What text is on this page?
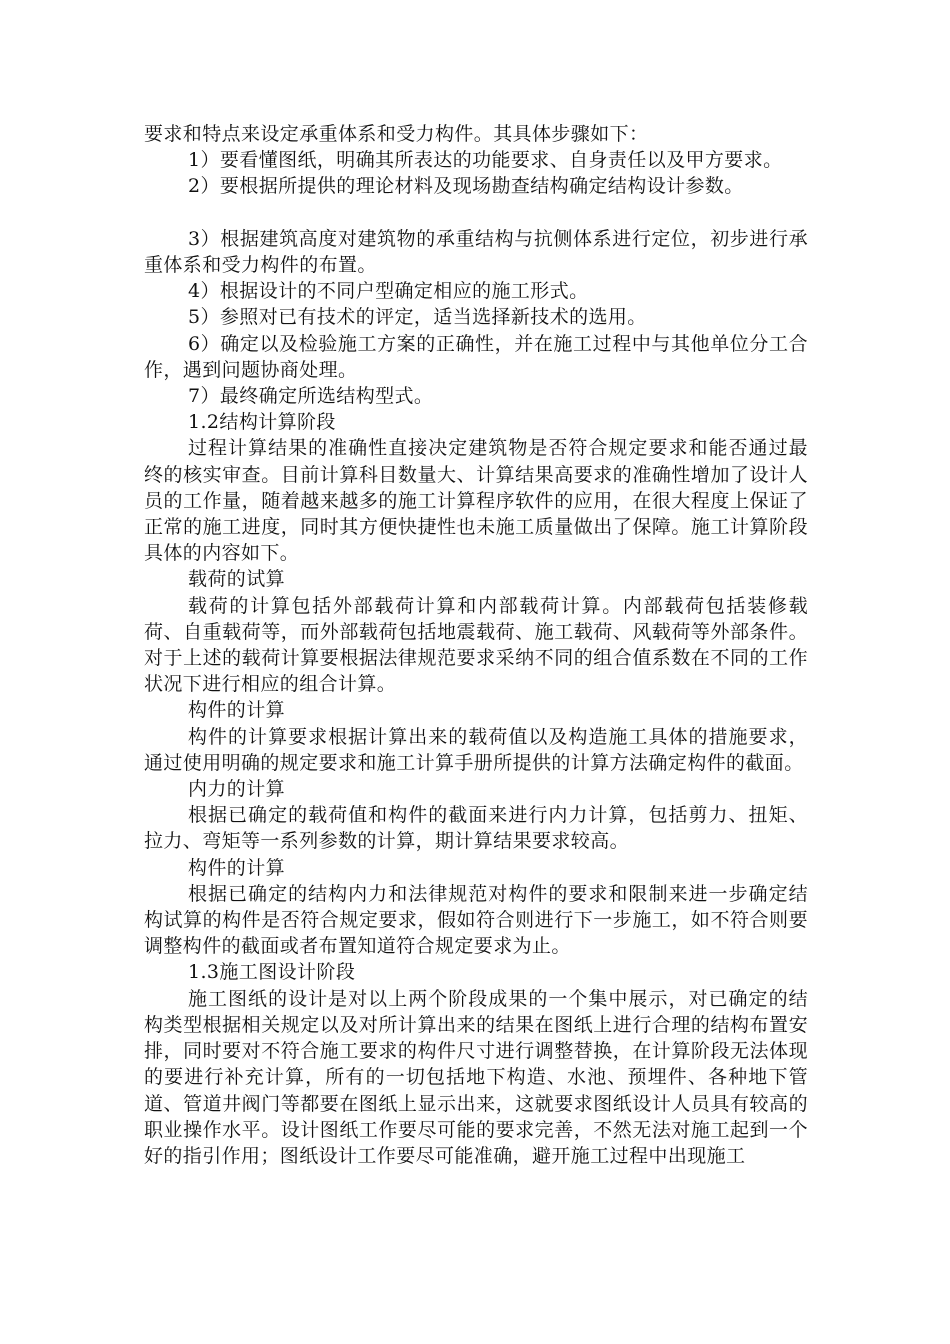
要求和特点来设定承重体系和受力构件。其具体步骤如下：

1）要看懂图纸，明确其所表达的功能要求、自身责任以及甲方要求。

2）要根据所提供的理论材料及现场勘查结构确定结构设计参数。

3）根据建筑高度对建筑物的承重结构与抗侧体系进行定位，初步进行承重体系和受力构件的布置。

4）根据设计的不同户型确定相应的施工形式。

5）参照对已有技术的评定，适当选择新技术的选用。

6）确定以及检验施工方案的正确性，并在施工过程中与其他单位分工合作，遇到问题协商处理。

7）最终确定所选结构型式。

1.2结构计算阶段

过程计算结果的准确性直接决定建筑物是否符合规定要求和能否通过最终的核实审查。目前计算科目数量大、计算结果高要求的准确性增加了设计人员的工作量，随着越来越多的施工计算程序软件的应用，在很大程度上保证了正常的施工进度，同时其方便快捷性也未施工质量做出了保障。施工计算阶段具体的内容如下。

载荷的试算

载荷的计算包括外部载荷计算和内部载荷计算。内部载荷包括装修载荷、自重载荷等，而外部载荷包括地震载荷、施工载荷、风载荷等外部条件。对于上述的载荷计算要根据法律规范要求采纳不同的组合值系数在不同的工作状况下进行相应的组合计算。

构件的计算

构件的计算要求根据计算出来的载荷值以及构造施工具体的措施要求，通过使用明确的规定要求和施工计算手册所提供的计算方法确定构件的截面。

内力的计算

根据已确定的载荷值和构件的截面来进行内力计算，包括剪力、扭矩、拉力、弯矩等一系列参数的计算，期计算结果要求较高。

构件的计算

根据已确定的结构内力和法律规范对构件的要求和限制来进一步确定结构试算的构件是否符合规定要求，假如符合则进行下一步施工，如不符合则要调整构件的截面或者布置知道符合规定要求为止。

1.3施工图设计阶段

施工图纸的设计是对以上两个阶段成果的一个集中展示，对已确定的结构类型根据相关规定以及对所计算出来的结果在图纸上进行合理的结构布置安排，同时要对不符合施工要求的构件尺寸进行调整替换，在计算阶段无法体现的要进行补充计算，所有的一切包括地下构造、水池、预埋件、各种地下管道、管道井阀门等都要在图纸上显示出来，这就要求图纸设计人员具有较高的职业操作水平。设计图纸工作要尽可能的要求完善，不然无法对施工起到一个好的指引作用；图纸设计工作要尽可能准确，避开施工过程中出现施工
